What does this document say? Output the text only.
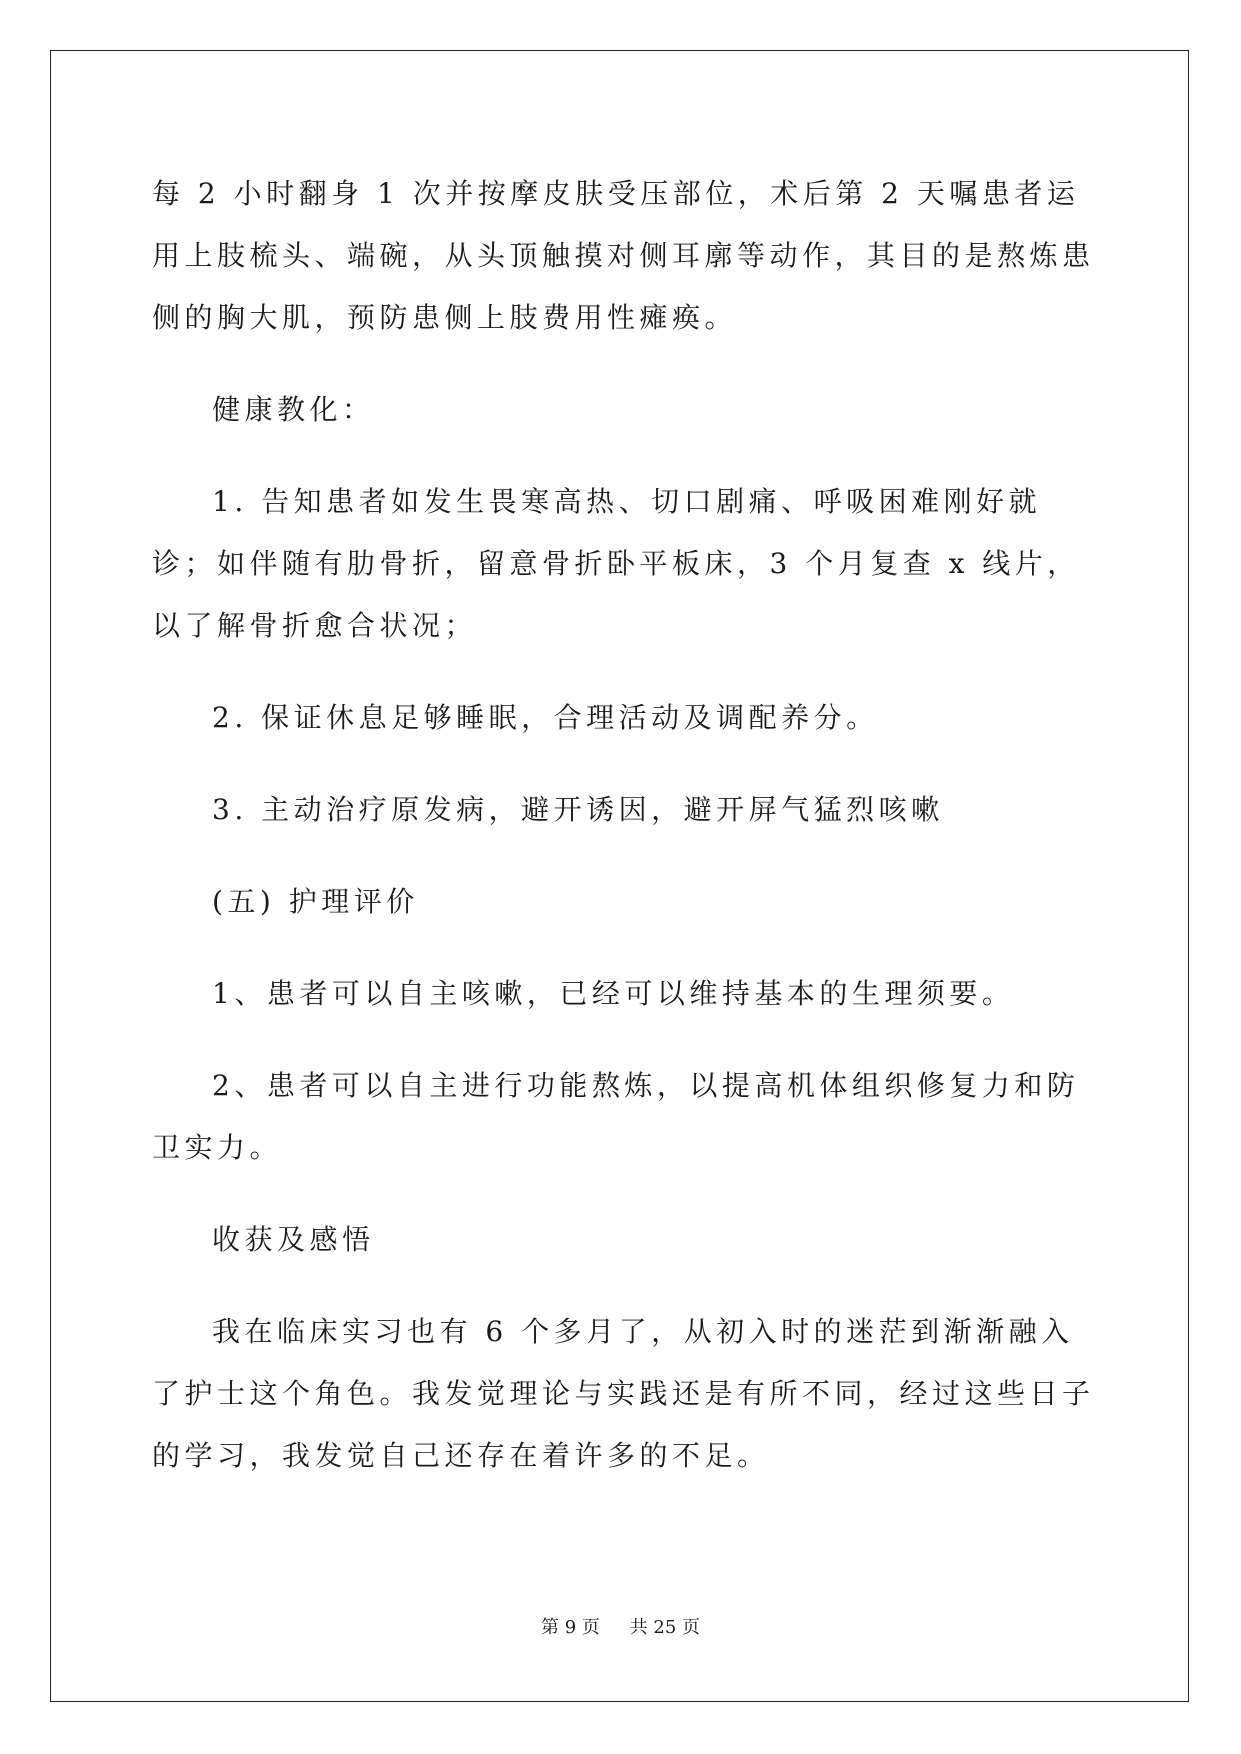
每 2 小时翻身 1 次并按摩皮肤受压部位，术后第 2 天嘱患者运用上肢梳头、端碗，从头顶触摸对侧耳廓等动作，其目的是熬炼患侧的胸大肌，预防患侧上肢费用性瘫痪。

健康教化：

1. 告知患者如发生畏寒高热、切口剧痛、呼吸困难刚好就诊；如伴随有肋骨折，留意骨折卧平板床，3 个月复查 x 线片， 以了解骨折愈合状况；

2. 保证休息足够睡眠，合理活动及调配养分。

3. 主动治疗原发病，避开诱因，避开屏气猛烈咳嗽

(五) 护理评价

1、患者可以自主咳嗽，已经可以维持基本的生理须要。

2、患者可以自主进行功能熬炼，以提高机体组织修复力和防卫实力。

收获及感悟

我在临床实习也有 6 个多月了，从初入时的迷茫到渐渐融入了护士这个角色。我发觉理论与实践还是有所不同，经过这些日子的学习，我发觉自己还存在着许多的不足。

第 9 页 共 25 页
